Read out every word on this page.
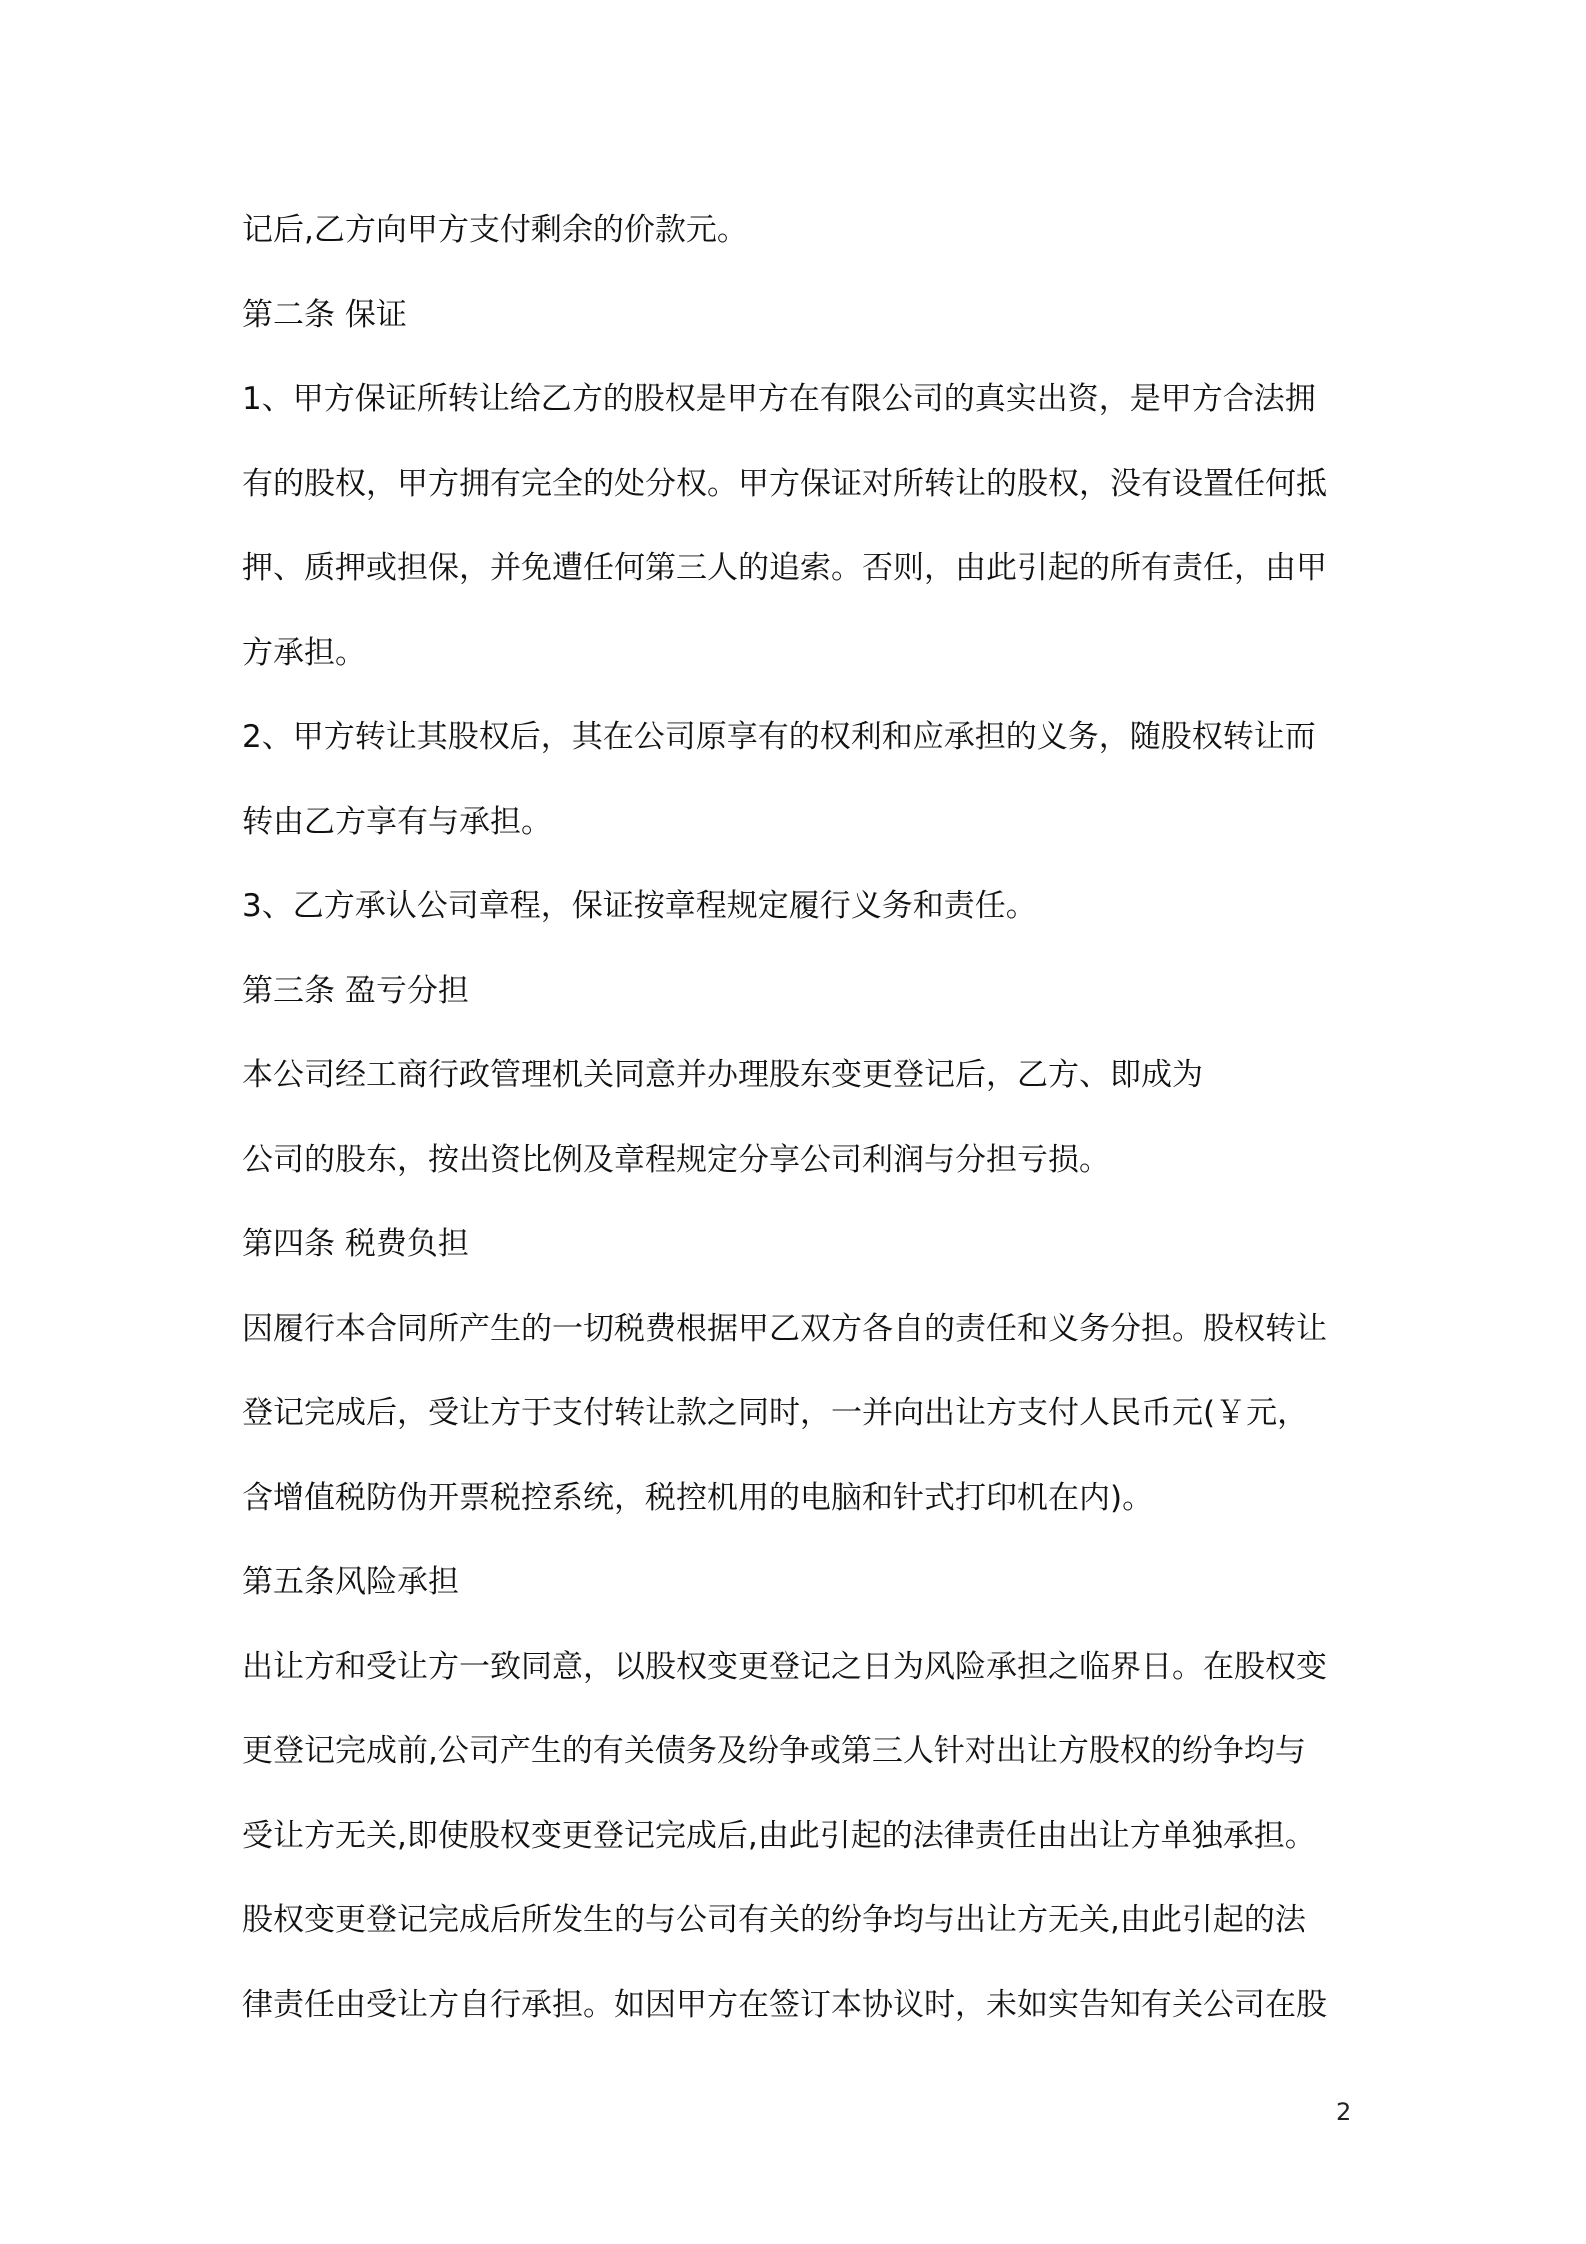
记后,乙方向甲方支付剩余的价款元。
第二条 保证
1、甲方保证所转让给乙方的股权是甲方在有限公司的真实出资，是甲方合法拥
有的股权，甲方拥有完全的处分权。甲方保证对所转让的股权，没有设置任何抵
押、质押或担保，并免遭任何第三人的追索。否则，由此引起的所有责任，由甲
方承担。
2、甲方转让其股权后，其在公司原享有的权利和应承担的义务，随股权转让而
转由乙方享有与承担。
3、乙方承认公司章程，保证按章程规定履行义务和责任。
第三条 盈亏分担
本公司经工商行政管理机关同意并办理股东变更登记后，乙方、即成为
公司的股东，按出资比例及章程规定分享公司利润与分担亏损。
第四条 税费负担
因履行本合同所产生的一切税费根据甲乙双方各自的责任和义务分担。股权转让
登记完成后，受让方于支付转让款之同时，一并向出让方支付人民币元(￥元，
含增值税防伪开票税控系统，税控机用的电脑和针式打印机在内)。
第五条风险承担
出让方和受让方一致同意，以股权变更登记之日为风险承担之临界日。在股权变
更登记完成前,公司产生的有关债务及纷争或第三人针对出让方股权的纷争均与
受让方无关,即使股权变更登记完成后,由此引起的法律责任由出让方单独承担。
股权变更登记完成后所发生的与公司有关的纷争均与出让方无关,由此引起的法
律责任由受让方自行承担。如因甲方在签订本协议时，未如实告知有关公司在股
2
